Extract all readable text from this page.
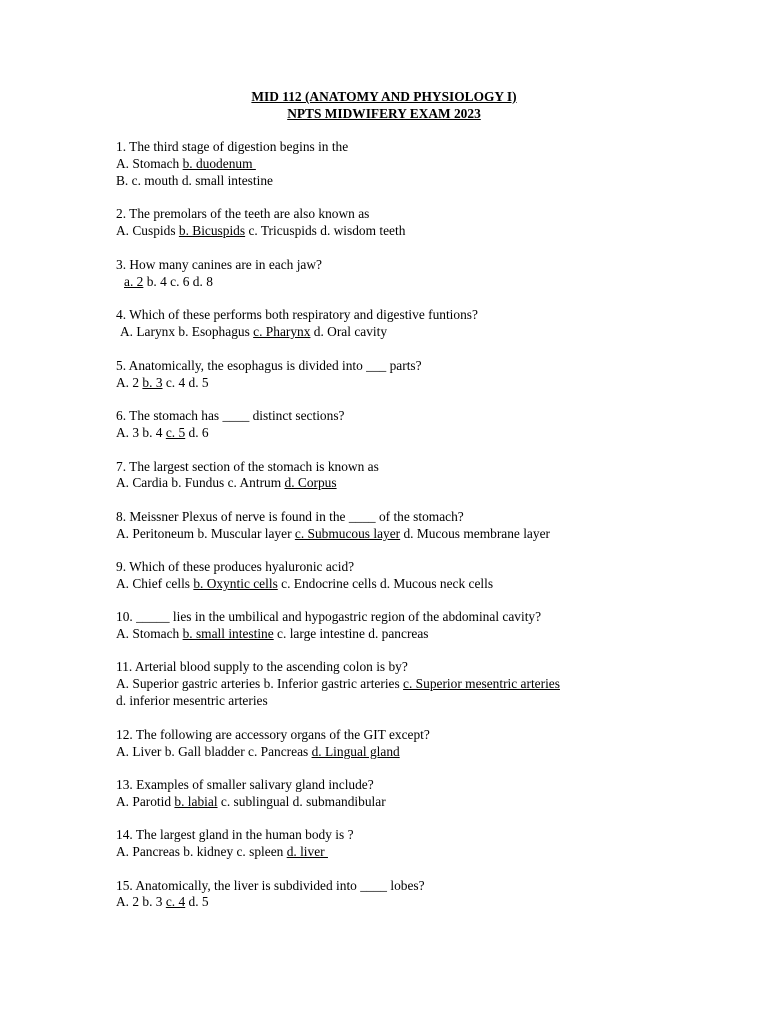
MID 112 (ANATOMY AND PHYSIOLOGY I)
NPTS MIDWIFERY EXAM 2023
1. The third stage of digestion begins in the
A. Stomach b. duodenum
B. c. mouth d. small intestine
2. The premolars of the teeth are also known as
A. Cuspids b. Bicuspids c. Tricuspids d. wisdom teeth
3. How many canines are in each jaw?
a. 2 b. 4 c. 6 d. 8
4. Which of these performs both respiratory and digestive funtions?
A. Larynx b. Esophagus c. Pharynx d. Oral cavity
5. Anatomically, the esophagus is divided into ___ parts?
A. 2 b. 3 c. 4 d. 5
6. The stomach has ____ distinct sections?
A. 3 b. 4 c. 5 d. 6
7. The largest section of the stomach is known as
A. Cardia b. Fundus c. Antrum d. Corpus
8. Meissner Plexus of nerve is found in the ____ of the stomach?
A. Peritoneum b. Muscular layer c. Submucous layer d. Mucous membrane layer
9. Which of these produces hyaluronic acid?
A. Chief cells b. Oxyntic cells c. Endocrine cells d. Mucous neck cells
10. _____ lies in the umbilical and hypogastric region of the abdominal cavity?
A. Stomach b. small intestine c. large intestine d. pancreas
11. Arterial blood supply to the ascending colon is by?
A. Superior gastric arteries b. Inferior gastric arteries c. Superior mesentric arteries
d. inferior mesentric arteries
12. The following are accessory organs of the GIT except?
A. Liver b. Gall bladder c. Pancreas d. Lingual gland
13. Examples of smaller salivary gland include?
A. Parotid b. labial c. sublingual d. submandibular
14. The largest gland in the human body is ?
A. Pancreas b. kidney c. spleen d. liver
15. Anatomically, the liver is subdivided into ____ lobes?
A. 2 b. 3 c. 4 d. 5
